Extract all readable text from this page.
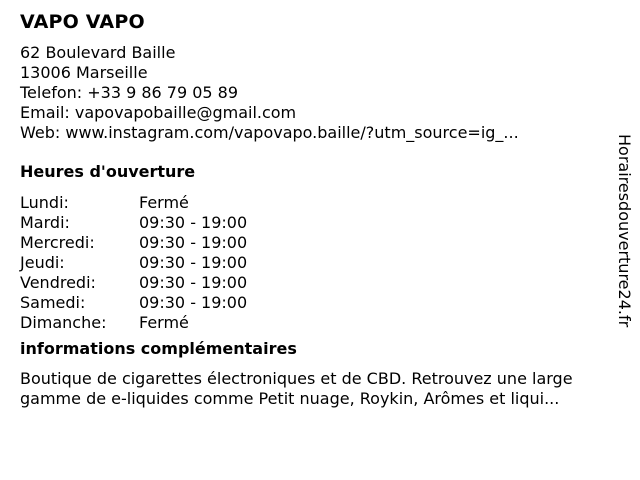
VAPO VAPO
62 Boulevard Baille
13006 Marseille
Telefon: +33 9 86 79 05 89
Email: vapovapobaille@gmail.com
Web: www.instagram.com/vapovapo.baille/?utm_source=ig_...
Heures d'ouverture
Lundi:	Fermé
Mardi:	09:30 - 19:00
Mercredi:	09:30 - 19:00
Jeudi:	09:30 - 19:00
Vendredi:	09:30 - 19:00
Samedi:	09:30 - 19:00
Dimanche:	Fermé
informations complémentaires
Boutique de cigarettes électroniques et de CBD. Retrouvez une large gamme de e-liquides comme Petit nuage, Roykin, Arômes et liqui...
Horairesdouverture24.fr
